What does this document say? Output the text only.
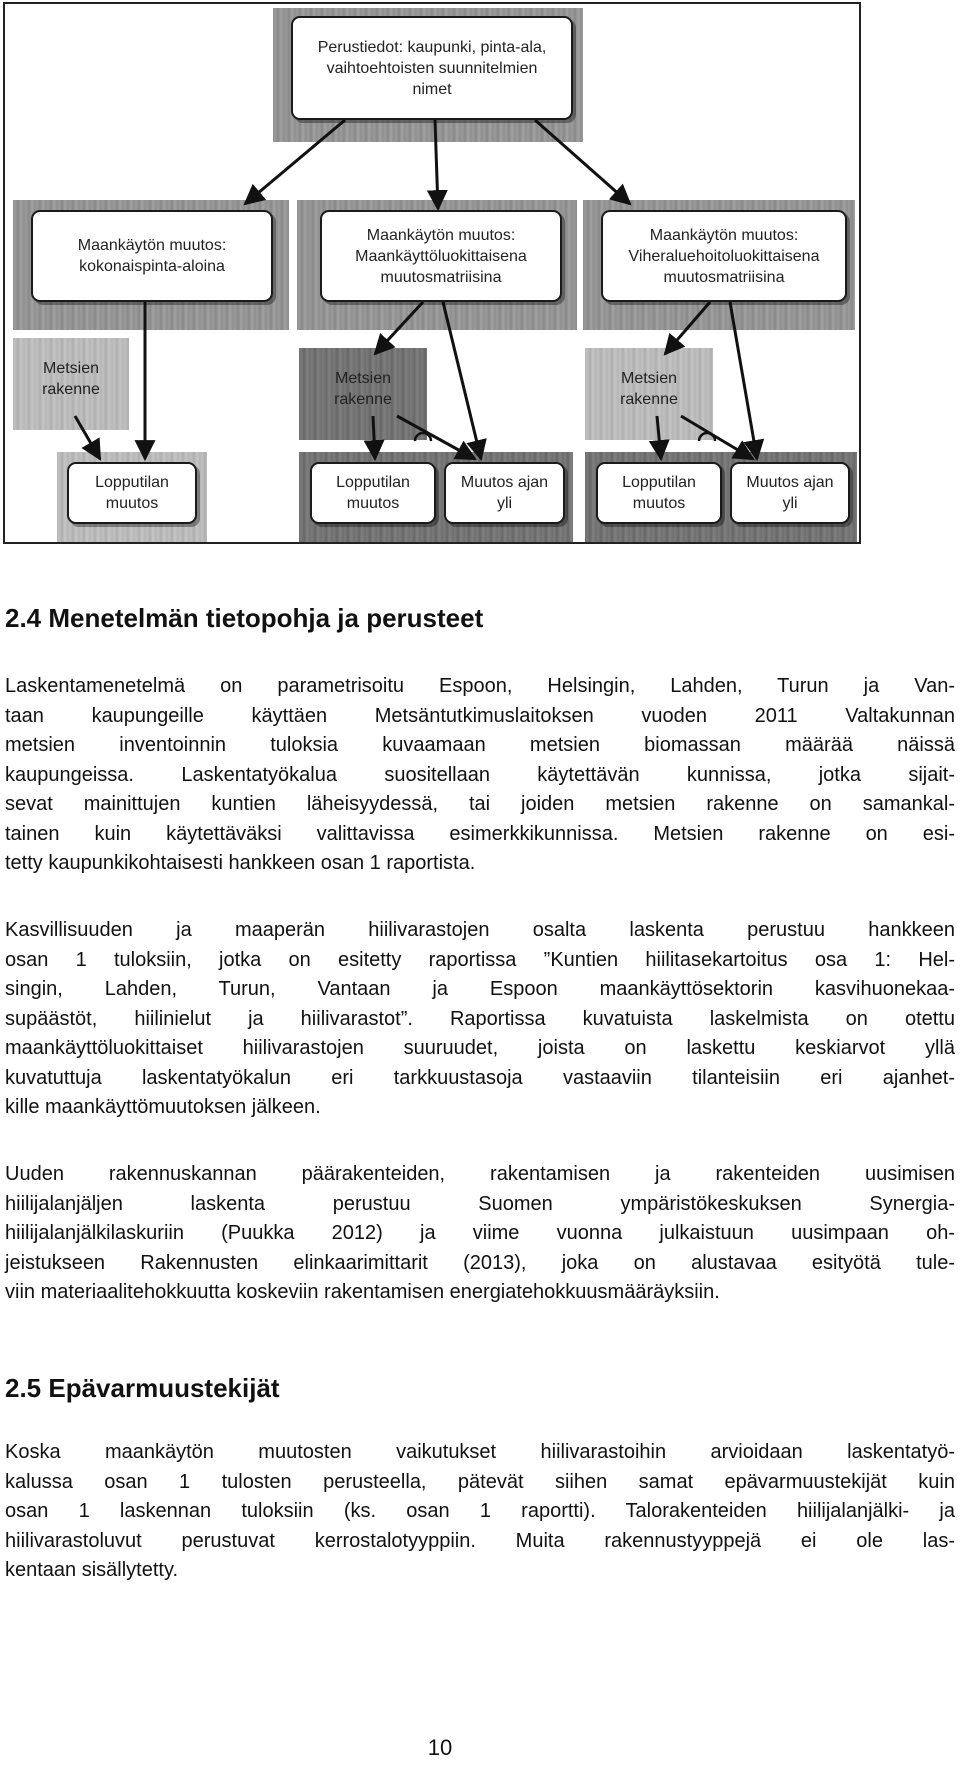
Perustiedot: kaupunki, pinta-ala, vaihtoehtoisten suunnitelmien nimet
Maankäytön muutos: kokonaispinta-aloina
Maankäytön muutos: Maankäyttöluokittaisena muutosmatriisina
Maankäytön muutos: Viheraluehoitoluokittaisena muutosmatriisina
Metsien rakenne
Metsien rakenne
Metsien rakenne
Lopputilan muutos
Lopputilan muutos
Muutos ajan yli
Lopputilan muutos
Muutos ajan yli
2.4 Menetelmän tietopohja ja perusteet
Laskentamenetelmä on parametrisoitu Espoon, Helsingin, Lahden, Turun ja Van-
taan kaupungeille käyttäen Metsäntutkimuslaitoksen vuoden 2011 Valtakunnan
metsien inventoinnin tuloksia kuvaamaan metsien biomassan määrää näissä
kaupungeissa. Laskentatyökalua suositellaan käytettävän kunnissa, jotka sijait-
sevat mainittujen kuntien läheisyydessä, tai joiden metsien rakenne on samankal-
tainen kuin käytettäväksi valittavissa esimerkkikunnissa. Metsien rakenne on esi-
tetty kaupunkikohtaisesti hankkeen osan 1 raportista.
Kasvillisuuden ja maaperän hiilivarastojen osalta laskenta perustuu hankkeen
osan 1 tuloksiin, jotka on esitetty raportissa ”Kuntien hiilitasekartoitus osa 1: Hel-
singin, Lahden, Turun, Vantaan ja Espoon maankäyttösektorin kasvihuonekaa-
supäästöt, hiilinielut ja hiilivarastot”. Raportissa kuvatuista laskelmista on otettu
maankäyttöluokittaiset hiilivarastojen suuruudet, joista on laskettu keskiarvot yllä
kuvatuttuja laskentatyökalun eri tarkkuustasoja vastaaviin tilanteisiin eri ajanhet-
kille maankäyttömuutoksen jälkeen.
Uuden rakennuskannan päärakenteiden, rakentamisen ja rakenteiden uusimisen
hiilijalanjäljen laskenta perustuu Suomen ympäristökeskuksen Synergia-
hiilijalanjälkilaskuriin (Puukka 2012) ja viime vuonna julkaistuun uusimpaan oh-
jeistukseen Rakennusten elinkaarimittarit (2013), joka on alustavaa esityötä tule-
viin materiaalitehokkuutta koskeviin rakentamisen energiatehokkuusmääräyksiin.
2.5 Epävarmuustekijät
Koska maankäytön muutosten vaikutukset hiilivarastoihin arvioidaan laskentatyö-
kalussa osan 1 tulosten perusteella, pätevät siihen samat epävarmuustekijät kuin
osan 1 laskennan tuloksiin (ks. osan 1 raportti). Talorakenteiden hiilijalanjälki- ja
hiilivarastoluvut perustuvat kerrostalotyyppiin. Muita rakennustyyppejä ei ole las-
kentaan sisällytetty.
10
